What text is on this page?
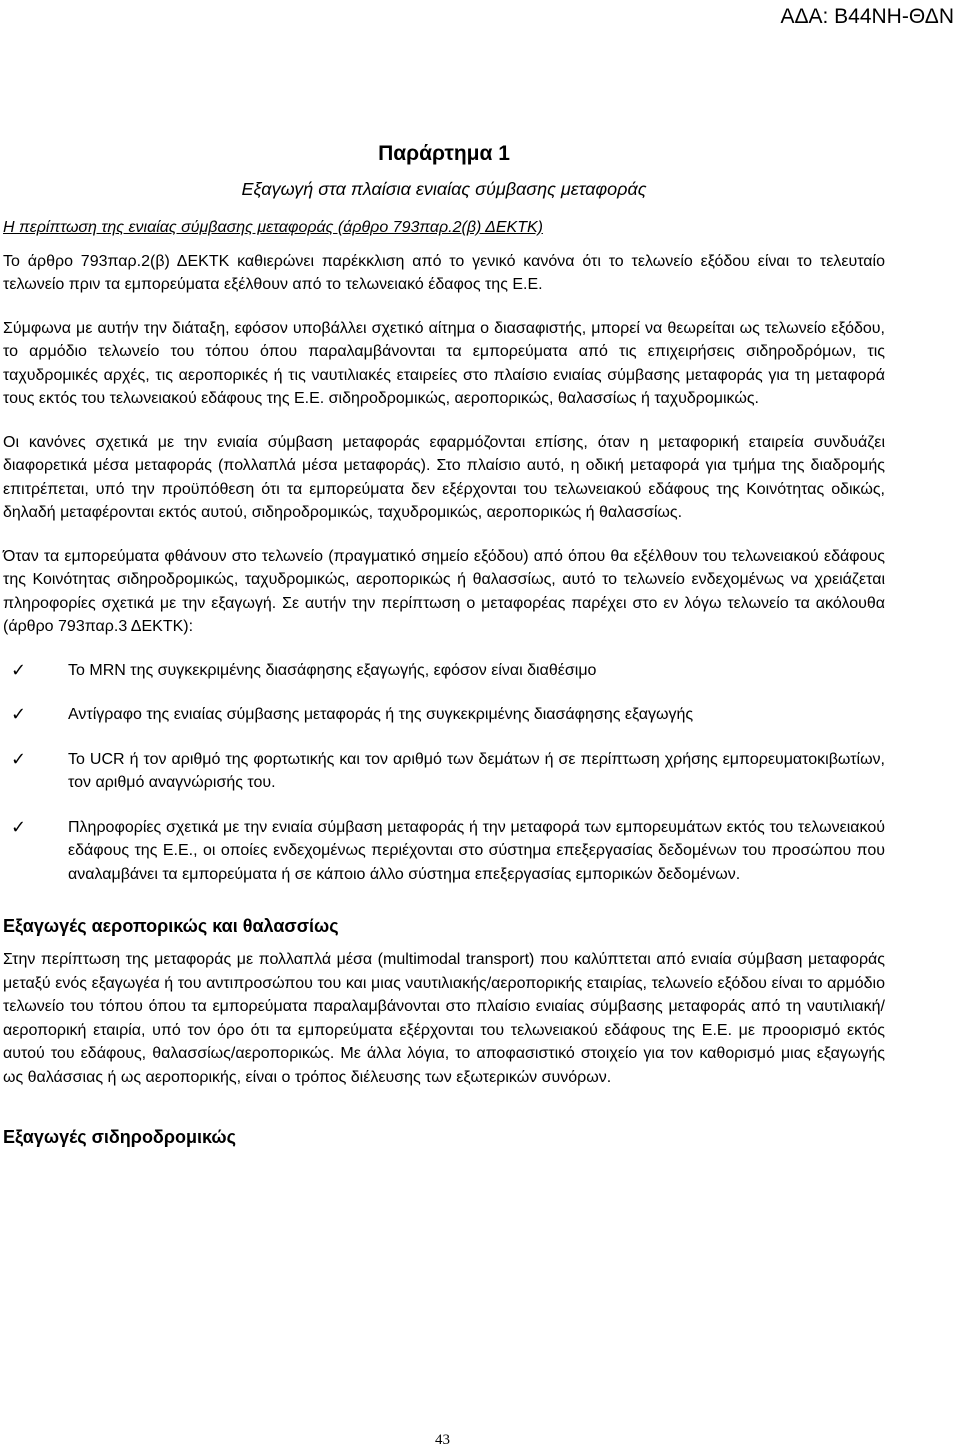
ΑΔΑ: Β44ΝΗ-ΘΔΝ
Παράρτημα 1
Εξαγωγή στα πλαίσια ενιαίας σύμβασης μεταφοράς
Η περίπτωση της ενιαίας σύμβασης μεταφοράς (άρθρο 793παρ.2(β) ΔΕΚΤΚ)

Το άρθρο 793παρ.2(β) ΔΕΚΤΚ καθιερώνει παρέκκλιση από το γενικό κανόνα ότι το τελωνείο εξόδου είναι το τελευταίο τελωνείο πριν τα εμπορεύματα εξέλθουν από το τελωνειακό έδαφος της Ε.Ε.

Σύμφωνα με αυτήν την διάταξη, εφόσον υποβάλλει σχετικό αίτημα ο διασαφιστής, μπορεί να θεωρείται ως τελωνείο εξόδου, το αρμόδιο τελωνείο του τόπου όπου παραλαμβάνονται τα εμπορεύματα από τις επιχειρήσεις σιδηροδρόμων, τις ταχυδρομικές αρχές, τις αεροπορικές ή τις ναυτιλιακές εταιρείες στο πλαίσιο ενιαίας σύμβασης μεταφοράς για τη μεταφορά τους εκτός του τελωνειακού εδάφους της Ε.Ε. σιδηροδρομικώς, αεροπορικώς, θαλασσίως ή ταχυδρομικώς.

Οι κανόνες σχετικά με την ενιαία σύμβαση μεταφοράς εφαρμόζονται επίσης, όταν η μεταφορική εταιρεία συνδυάζει διαφορετικά μέσα μεταφοράς (πολλαπλά μέσα μεταφοράς). Στο πλαίσιο αυτό, η οδική μεταφορά για τμήμα της διαδρομής επιτρέπεται, υπό την προϋπόθεση ότι τα εμπορεύματα δεν εξέρχονται του τελωνειακού εδάφους της Κοινότητας οδικώς, δηλαδή μεταφέρονται εκτός αυτού, σιδηροδρομικώς, ταχυδρομικώς, αεροπορικώς ή θαλασσίως.

Όταν τα εμπορεύματα φθάνουν στο τελωνείο (πραγματικό σημείο εξόδου) από όπου θα εξέλθουν του τελωνειακού εδάφους της Κοινότητας σιδηροδρομικώς, ταχυδρομικώς, αεροπορικώς ή θαλασσίως, αυτό το τελωνείο ενδεχομένως να χρειάζεται πληροφορίες σχετικά με την εξαγωγή. Σε αυτήν την περίπτωση ο μεταφορέας παρέχει στο εν λόγω τελωνείο τα ακόλουθα (άρθρο 793παρ.3 ΔΕΚΤΚ):

✓	Το MRN της συγκεκριμένης διασάφησης εξαγωγής, εφόσον είναι διαθέσιμο
✓	Αντίγραφο της ενιαίας σύμβασης μεταφοράς ή της συγκεκριμένης διασάφησης εξαγωγής
✓	Το UCR ή τον αριθμό της φορτωτικής και τον αριθμό των δεμάτων ή σε περίπτωση χρήσης εμπορευματοκιβωτίων, τον αριθμό αναγνώρισής του.
✓	Πληροφορίες σχετικά με την ενιαία σύμβαση μεταφοράς ή την μεταφορά των εμπορευμάτων εκτός του τελωνειακού εδάφους της Ε.Ε., οι οποίες ενδεχομένως περιέχονται στο σύστημα επεξεργασίας δεδομένων του προσώπου που αναλαμβάνει τα εμπορεύματα ή σε κάποιο άλλο σύστημα επεξεργασίας εμπορικών δεδομένων.
Εξαγωγές αεροπορικώς και θαλασσίως

Στην περίπτωση της μεταφοράς με πολλαπλά μέσα (multimodal transport) που καλύπτεται από ενιαία σύμβαση μεταφοράς μεταξύ ενός εξαγωγέα ή του αντιπροσώπου του και μιας ναυτιλιακής/αεροπορικής εταιρίας, τελωνείο εξόδου είναι το αρμόδιο τελωνείο του τόπου όπου τα εμπορεύματα παραλαμβάνονται στο πλαίσιο ενιαίας σύμβασης μεταφοράς από τη ναυτιλιακή/αεροπορική εταιρία, υπό τον όρο ότι τα εμπορεύματα εξέρχονται του τελωνειακού εδάφους της Ε.Ε. με προορισμό εκτός αυτού του εδάφους, θαλασσίως/αεροπορικώς. Με άλλα λόγια, το αποφασιστικό στοιχείο για τον καθορισμό μιας εξαγωγής ως θαλάσσιας ή ως αεροπορικής, είναι ο τρόπος διέλευσης των εξωτερικών συνόρων.

Εξαγωγές σιδηροδρομικώς
43
